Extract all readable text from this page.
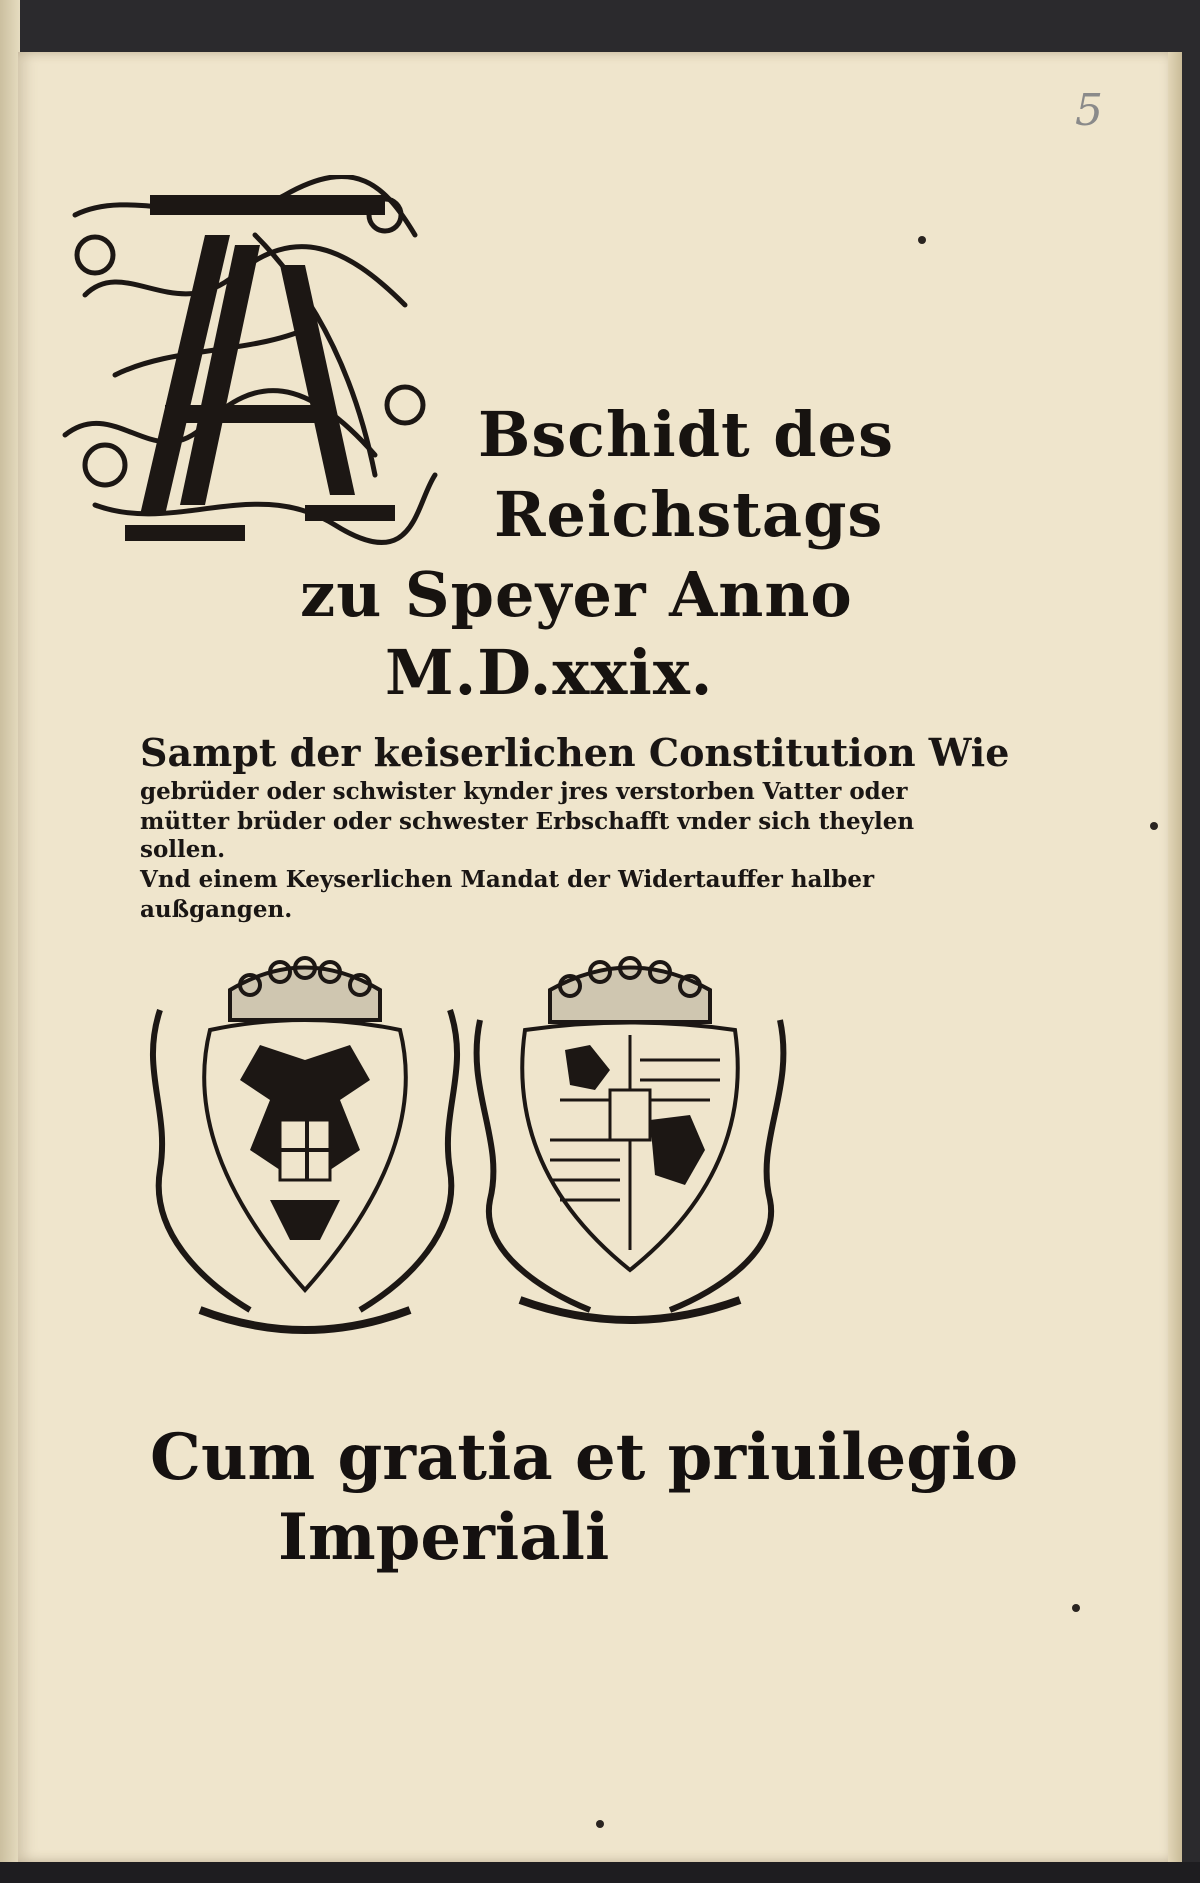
5
Bschidt des
Reichstags
zu Speyer Anno
M.D.xxix.
Sampt der keiserlichen Constitution Wie
gebrüder oder schwister kynder jres verstorben Vatter oder
mütter brüder oder schwester Erbschafft vnder sich theylen
sollen.
Vnd einem Keyserlichen Mandat der Widertauffer halber
außgangen.
Cum gratia et priuilegio
Imperiali
